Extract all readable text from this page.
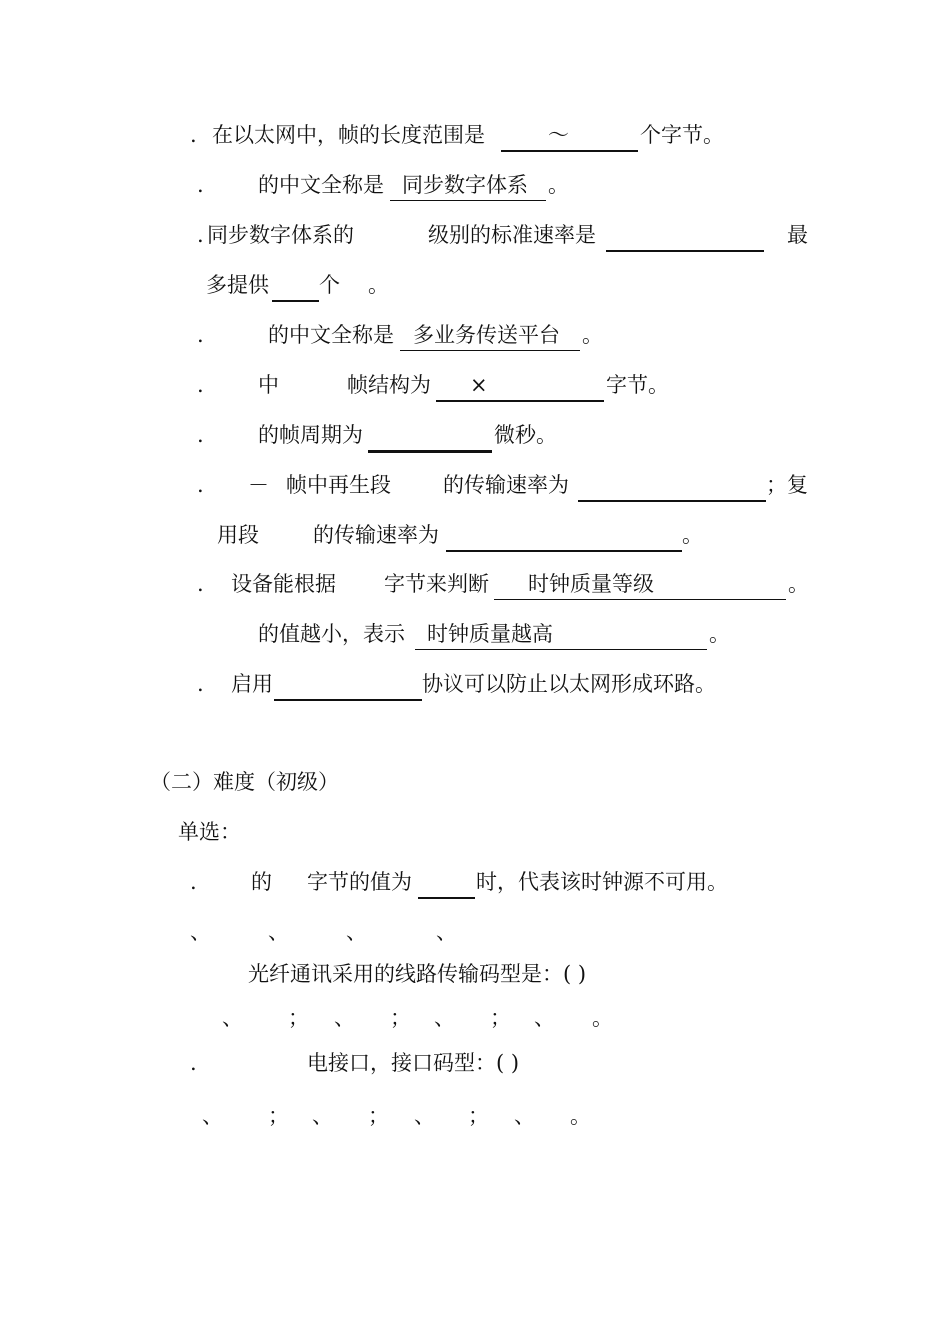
. 在以太网中，帧的长度范围是	～	个字节。
.	的中文全称是 同步数字体系 。
. 同步数字体系的	级别的标准速率是	最
多提供 个 。
.	的中文全称是 多业务传送平台 。
.	中	帧结构为 ×	字节。
.	的帧周期为	微秒。
. － 帧中再生段 的传输速率为	；复
用段	的传输速率为	。
. 设备能根据 字节来判断 时钟质量等级	。
的值越小，表示 时钟质量越高	。
. 启用	协议可以防止以太网形成环路。
（二）难度（初级）
单选：
.	的 字节的值为	时，代表该时钟源不可用。
、	、	、	、
光纤通讯采用的线路传输码型是：( )
、 ； 、 ； 、 ； 、 。
.	电接口，接口码型：( )
、 ； 、 ； 、 ； 、 。
